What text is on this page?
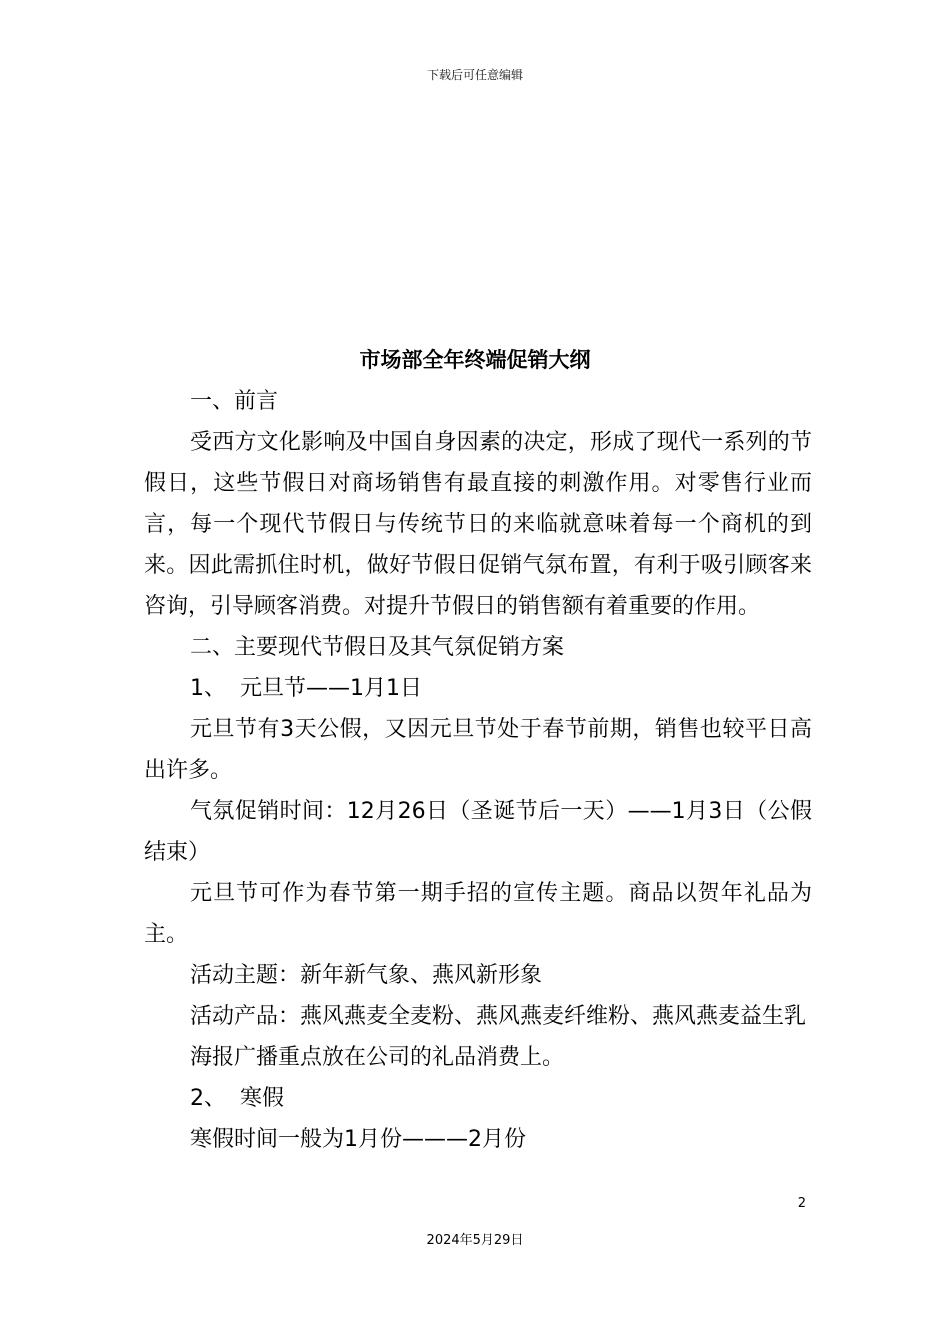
下载后可任意编辑
市场部全年终端促销大纲

一、前言

受西方文化影响及中国自身因素的决定，形成了现代一系列的节假日，这些节假日对商场销售有最直接的刺激作用。对零售行业而言，每一个现代节假日与传统节日的来临就意味着每一个商机的到来。因此需抓住时机，做好节假日促销气氛布置，有利于吸引顾客来咨询，引导顾客消费。对提升节假日的销售额有着重要的作用。

二、主要现代节假日及其气氛促销方案

1、  元旦节——1月1日

元旦节有3天公假，又因元旦节处于春节前期，销售也较平日高出许多。

气氛促销时间：12月26日（圣诞节后一天）——1月3日（公假结束）

元旦节可作为春节第一期手招的宣传主题。商品以贺年礼品为主。

活动主题：新年新气象、燕风新形象

活动产品：燕风燕麦全麦粉、燕风燕麦纤维粉、燕风燕麦益生乳

海报广播重点放在公司的礼品消费上。

2、  寒假

寒假时间一般为1月份———2月份

2
2024年5月29日
